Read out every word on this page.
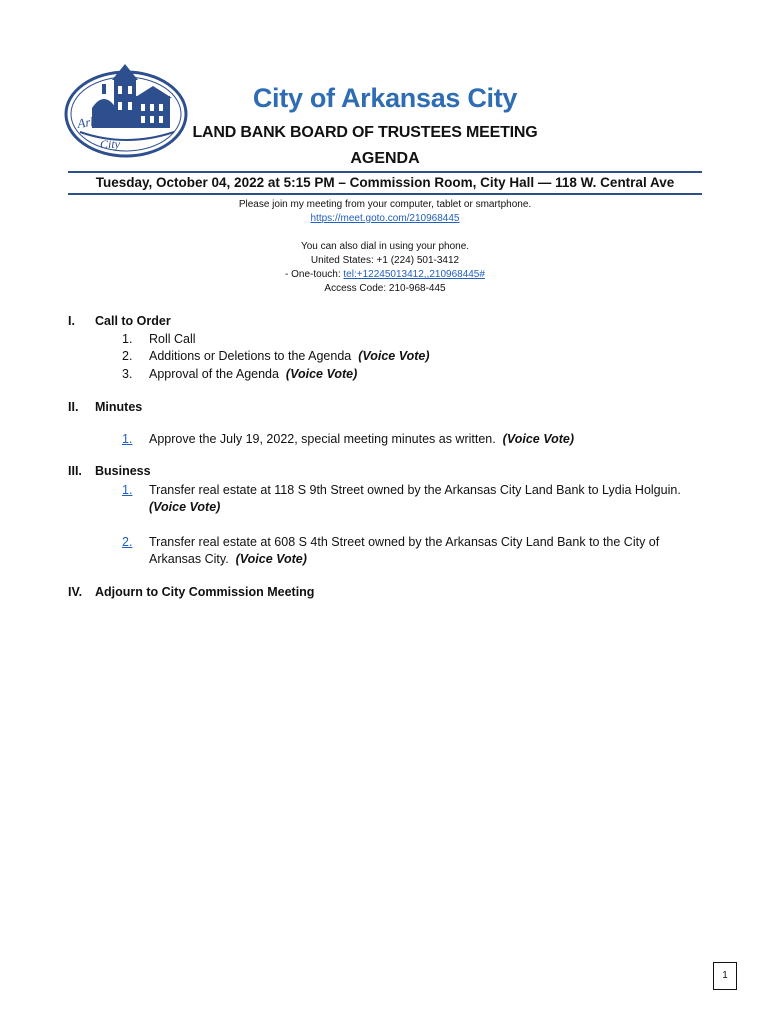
Arkansas
City
City of Arkansas City
LAND BANK BOARD OF TRUSTEES MEETING
AGENDA
Tuesday, October 04, 2022 at 5:15 PM – Commission Room, City Hall — 118 W. Central Ave
Please join my meeting from your computer, tablet or smartphone.
https://meet.goto.com/210968445
You can also dial in using your phone.
United States: +1 (224) 501-3412
- One-touch: tel:+12245013412,,210968445#
Access Code: 210-968-445
I. Call to Order
1. Roll Call
2. Additions or Deletions to the Agenda (Voice Vote)
3. Approval of the Agenda (Voice Vote)
II. Minutes
1. Approve the July 19, 2022, special meeting minutes as written. (Voice Vote)
III. Business
1. Transfer real estate at 118 S 9th Street owned by the Arkansas City Land Bank to Lydia Holguin.
(Voice Vote)
2. Transfer real estate at 608 S 4th Street owned by the Arkansas City Land Bank to the City of Arkansas City.  (Voice Vote)
IV. Adjourn to City Commission Meeting
1
